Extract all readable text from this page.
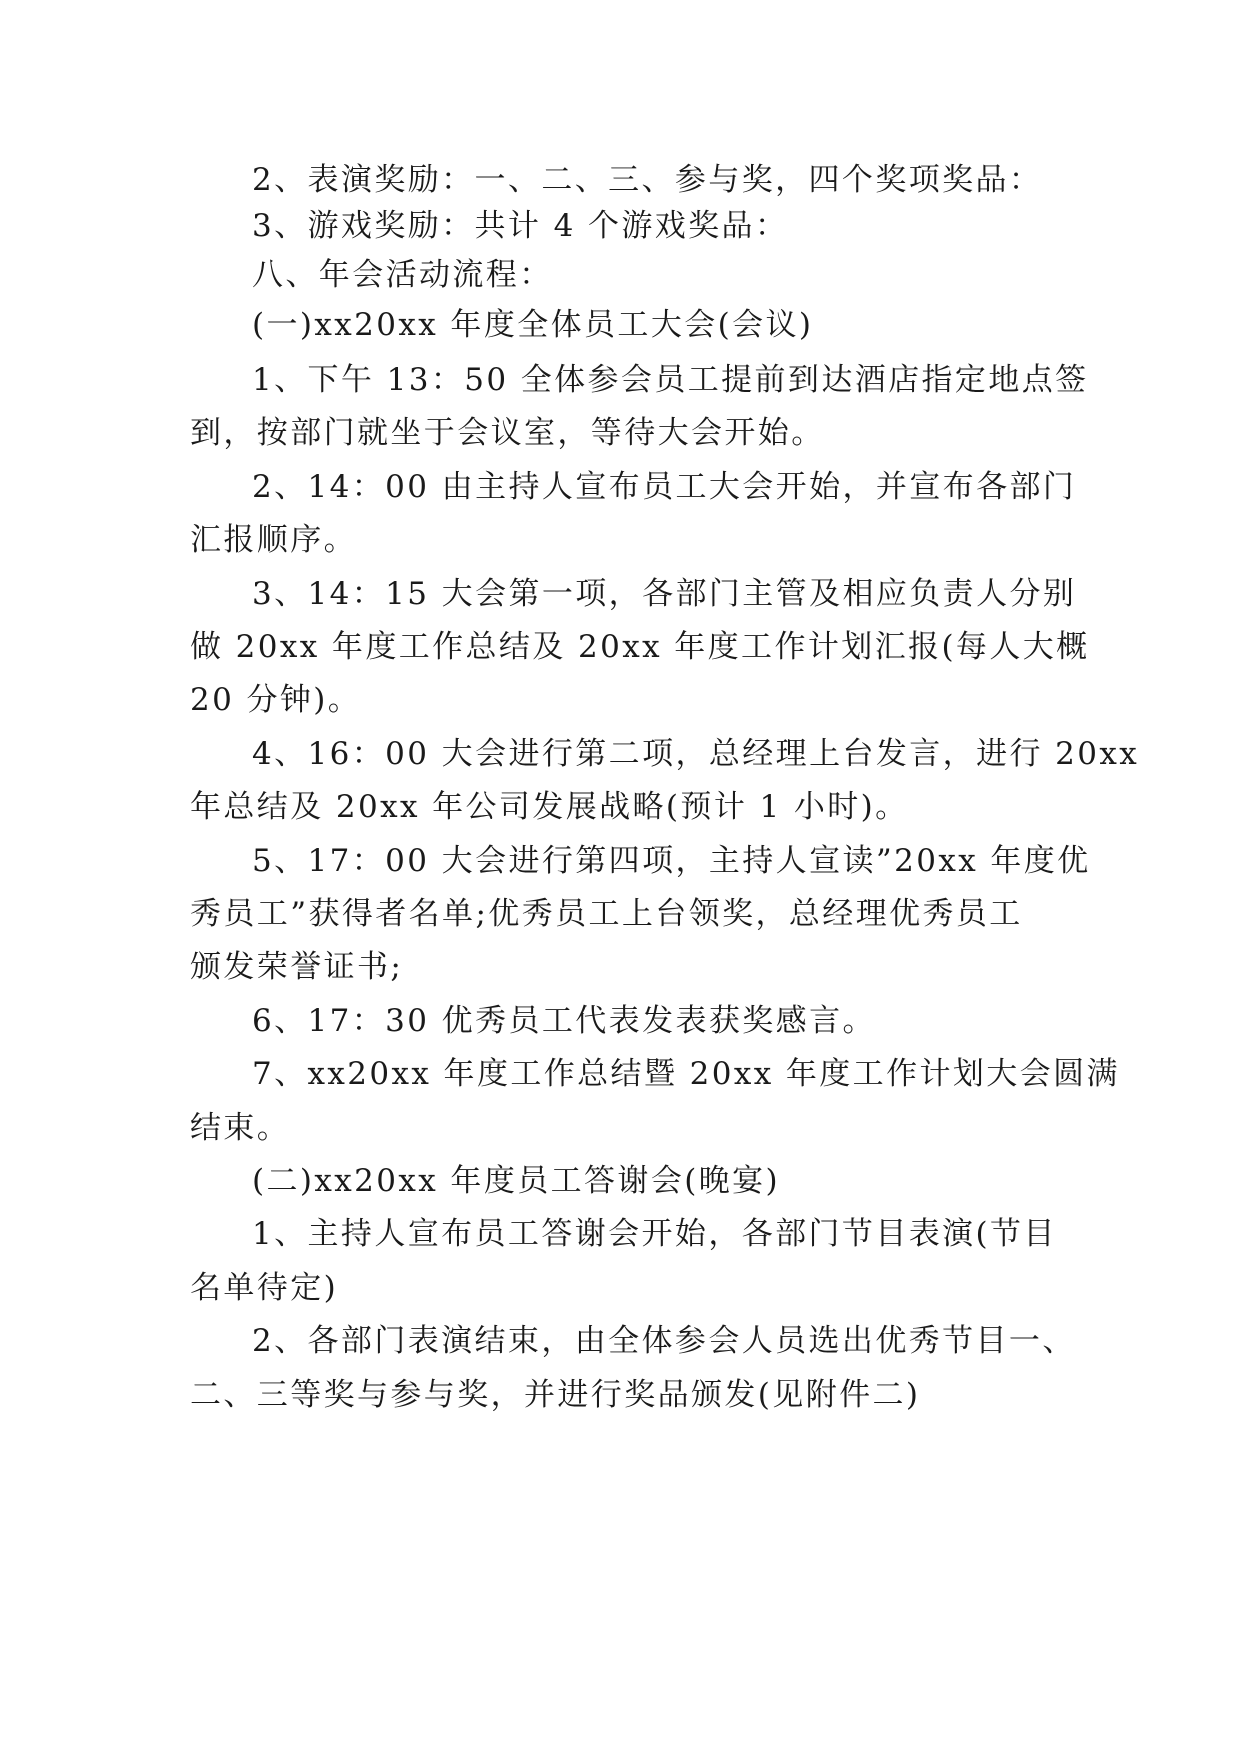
2、表演奖励：一、二、三、参与奖，四个奖项奖品：
3、游戏奖励：共计 4 个游戏奖品：
八、年会活动流程：
(一)xx20xx 年度全体员工大会(会议)
1、下午 13：50 全体参会员工提前到达酒店指定地点签
到，按部门就坐于会议室，等待大会开始。
2、14：00 由主持人宣布员工大会开始，并宣布各部门
汇报顺序。
3、14：15 大会第一项，各部门主管及相应负责人分别
做 20xx 年度工作总结及 20xx 年度工作计划汇报(每人大概
20 分钟)。
4、16：00 大会进行第二项，总经理上台发言，进行 20xx
年总结及 20xx 年公司发展战略(预计 1 小时)。
5、17：00 大会进行第四项，主持人宣读”20xx 年度优
秀员工”获得者名单;优秀员工上台领奖，总经理优秀员工
颁发荣誉证书;
6、17：30 优秀员工代表发表获奖感言。
7、xx20xx 年度工作总结暨 20xx 年度工作计划大会圆满
结束。
(二)xx20xx 年度员工答谢会(晚宴)
1、主持人宣布员工答谢会开始，各部门节目表演(节目
名单待定)
2、各部门表演结束，由全体参会人员选出优秀节目一、
二、三等奖与参与奖，并进行奖品颁发(见附件二)
